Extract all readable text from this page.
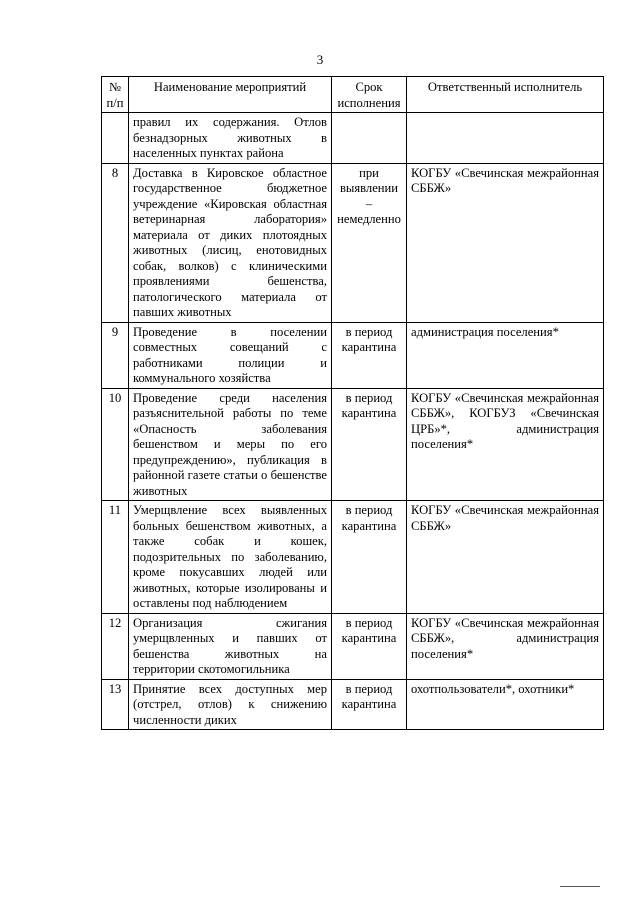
3
№ п/п	Наименование мероприятий	Срок исполнения	Ответственный исполнитель
	правил их содержания. Отлов безнадзорных животных в населенных пунктах района		
8	Доставка в Кировское областное государственное бюджетное учреждение «Кировская областная ветеринарная лаборатория» материала от диких плотоядных животных (лисиц, енотовидных собак, волков) с клиническими проявлениями бешенства, патологического материала от павших животных	при выявлении – немедленно	КОГБУ «Свечинская межрайонная СББЖ»
9	Проведение в поселении совместных совещаний с работниками полиции и коммунального хозяйства	в период карантина	администрация поселения*
10	Проведение среди населения разъяснительной работы по теме «Опасность заболевания бешенством и меры по его предупреждению», публикация в районной газете статьи о бешенстве животных	в период карантина	КОГБУ «Свечинская межрайонная СББЖ», КОГБУЗ «Свечинская ЦРБ»*, администрация поселения*
11	Умерщвление всех выявленных больных бешенством животных, а также собак и кошек, подозрительных по заболеванию, кроме покусавших людей или животных, которые изолированы и оставлены под наблюдением	в период карантина	КОГБУ «Свечинская межрайонная СББЖ»
12	Организация сжигания умерщвленных и павших от бешенства животных на территории скотомогильника	в период карантина	КОГБУ «Свечинская межрайонная СББЖ», администрация поселения*
13	Принятие всех доступных мер (отстрел, отлов) к снижению численности диких	в период карантина	охотпользователи*, охотники*
